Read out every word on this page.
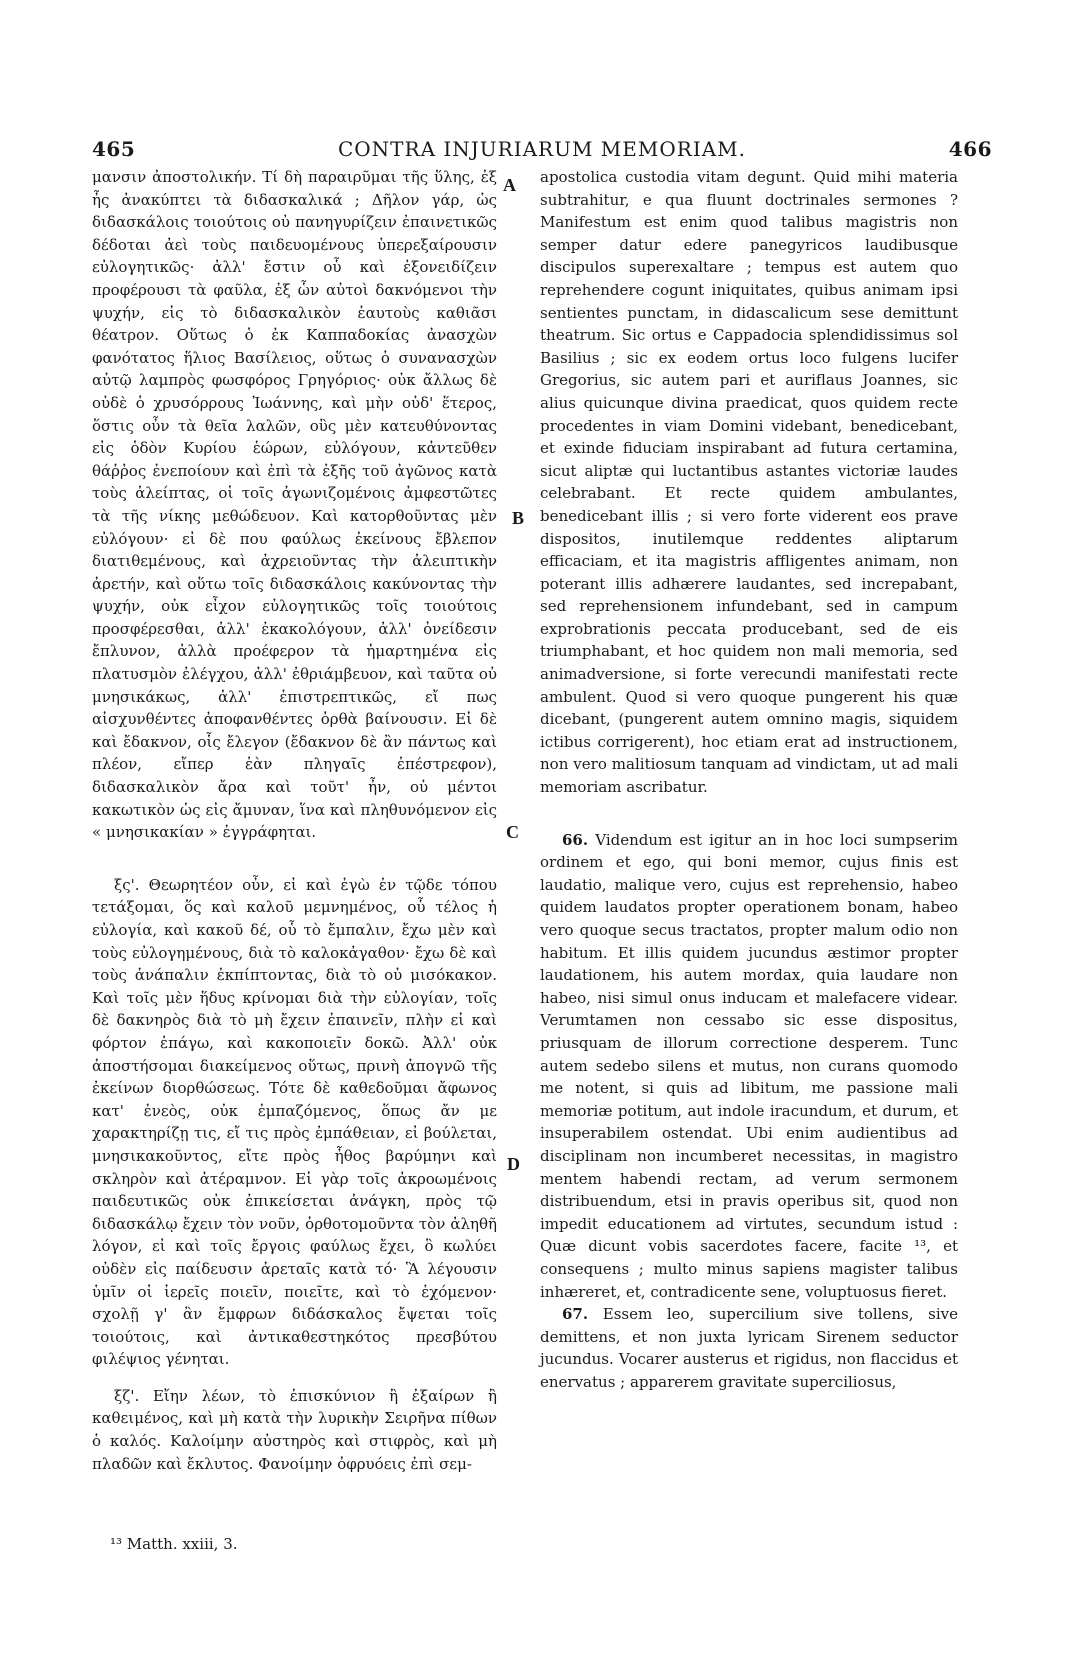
465	CONTRA INJURIARUM MEMORIAM.	466
A
B
C
D

μανσιν ἀποστολικήν. Τί δὴ παραιρῦμαι τῆς ὕλης, ἐξ ἧς ἀνακύπτει τὰ διδασκαλικά ; Δῆλον γάρ, ὡς διδασκάλοις τοιούτοις οὐ πανηγυρίζειν ἐπαινετικῶς δέδοται ἀεὶ τοὺς παιδευομένους ὑπερεξαίρουσιν εὐλογητικῶς· ἀλλ' ἔστιν οὗ καὶ ἐξονειδίζειν προφέρουσι τὰ φαῦλα, ἐξ ὧν αὐτοὶ δακνόμενοι τὴν ψυχήν, εἰς τὸ διδασκαλικὸν ἑαυτοὺς καθιᾶσι θέατρον. Οὕτως ὁ ἐκ Καππαδοκίας ἀνασχὼν φανότατος ἥλιος Βασίλειος, οὕτως ὁ συνανασχὼν αὐτῷ λαμπρὸς φωσφόρος Γρηγόριος· οὐκ ἄλλως δὲ οὐδὲ ὁ χρυσόρρους Ἰωάννης, καὶ μὴν οὐδ' ἕτερος, ὅστις οὖν τὰ θεῖα λαλῶν, οὓς μὲν κατευθύνοντας εἰς ὁδὸν Κυρίου ἑώρων, εὐλόγουν, κἀντεῦθεν θάῤῥος ἐνεποίουν καὶ ἐπὶ τὰ ἑξῆς τοῦ ἀγῶνος κατὰ τοὺς ἀλείπτας, οἱ τοῖς ἀγωνιζομένοις ἀμφεστῶτες τὰ τῆς νίκης μεθώδευον. Καὶ κατορθοῦντας μὲν εὐλόγουν· εἰ δὲ που φαύλως ἐκείνους ἔβλεπον διατιθεμένους, καὶ ἀχρειοῦντας τὴν ἀλειπτικὴν ἀρετήν, καὶ οὕτω τοῖς διδασκάλοις κακύνοντας τὴν ψυχήν, οὐκ εἶχον εὐλογητικῶς τοῖς τοιούτοις προσφέρεσθαι, ἀλλ' ἐκακολόγουν, ἀλλ' ὀνείδεσιν ἔπλυνον, ἀλλὰ προέφερον τὰ ἡμαρτημένα εἰς πλατυσμὸν ἐλέγχου, ἀλλ' ἐθριάμβευον, καὶ ταῦτα οὐ μνησικάκως, ἀλλ' ἐπιστρεπτικῶς, εἴ πως αἰσχυνθέντες ἀποφανθέντες ὀρθὰ βαίνουσιν. Εἰ δὲ καὶ ἔδακνον, οἷς ἔλεγον (ἔδακνον δὲ ἂν πάντως καὶ πλέον, εἴπερ ἐὰν πληγαῖς ἐπέστρεφον), διδασκαλικὸν ἄρα καὶ τοῦτ' ἦν, οὐ μέντοι κακωτικὸν ὡς εἰς ἄμυναν, ἵνα καὶ πληθυνόμενον εἰς « μνησικακίαν » ἐγγράφηται.

ξς'. Θεωρητέον οὖν, εἰ καὶ ἐγὼ ἐν τῷδε τόπου τετάξομαι, ὅς καὶ καλοῦ μεμνημένος, οὗ τέλος ἡ εὐλογία, καὶ κακοῦ δέ, οὗ τὸ ἔμπαλιν, ἔχω μὲν καὶ τοὺς εὐλογημένους, διὰ τὸ καλοκἀγαθον· ἔχω δὲ καὶ τοὺς ἀνάπαλιν ἐκπίπτοντας, διὰ τὸ οὐ μισόκακον. Καὶ τοῖς μὲν ἥδυς κρίνομαι διὰ τὴν εὐλογίαν, τοῖς δὲ δακνηρὸς διὰ τὸ μὴ ἔχειν ἐπαινεῖν, πλὴν εἰ καὶ φόρτον ἐπάγω, καὶ κακοποιεῖν δοκῶ. Ἀλλ' οὐκ ἀποστήσομαι διακείμενος οὕτως, πρινὴ ἀπογνῶ τῆς ἐκείνων διορθώσεως. Τότε δὲ καθεδοῦμαι ἄφωνος κατ' ἐνεὸς, οὐκ ἐμπαζόμενος, ὅπως ἄν με χαρακτηρίζῃ τις, εἴ τις πρὸς ἐμπάθειαν, εἰ βούλεται, μνησικακοῦντος, εἴτε πρὸς ἦθος βαρύμηνι καὶ σκληρὸν καὶ ἀτέραμνον. Εἰ γὰρ τοῖς ἀκροωμένοις παιδευτικῶς οὐκ ἐπικείσεται ἀνάγκη, πρὸς τῷ διδασκάλῳ ἔχειν τὸν νοῦν, ὀρθοτομοῦντα τὸν ἀληθῆ λόγον, εἰ καὶ τοῖς ἔργοις φαύλως ἔχει, ὃ κωλύει οὐδὲν εἰς παίδευσιν ἀρεταῖς κατὰ τό· Ἃ λέγουσιν ὑμῖν οἱ ἱερεῖς ποιεῖν, ποιεῖτε, καὶ τὸ ἐχόμενον· σχολῇ γ' ἂν ἔμφρων διδάσκαλος ἔψεται τοῖς τοιούτοις, καὶ ἀντικαθεστηκότος πρεσβύτου φιλέψιος γένηται.

ξζ'. Εἴην λέων, τὸ ἐπισκύνιον ἢ ἐξαίρων ἢ καθειμένος, καὶ μὴ κατὰ τὴν λυρικὴν Σειρῆνα πίθων ὁ καλός. Καλοίμην αὐστηρὸς καὶ στιφρὸς, καὶ μὴ πλαδῶν καὶ ἔκλυτος. Φανοίμην ὀφρυόεις ἐπὶ σεμ-

apostolica custodia vitam degunt. Quid mihi materia subtrahitur, e qua fluunt doctrinales sermones ? Manifestum est enim quod talibus magistris non semper datur edere panegyricos laudibusque discipulos superexaltare ; tempus est autem quo reprehendere cogunt iniquitates, quibus animam ipsi sentientes punctam, in didascalicum sese demittunt theatrum. Sic ortus e Cappadocia splendidissimus sol Basilius ; sic ex eodem ortus loco fulgens lucifer Gregorius, sic autem pari et auriflaus Joannes, sic alius quicunque divina praedicat, quos quidem recte procedentes in viam Domini videbant, benedicebant, et exinde fiduciam inspirabant ad futura certamina, sicut aliptæ qui luctantibus astantes victoriæ laudes celebrabant. Et recte quidem ambulantes, benedicebant illis ; si vero forte viderent eos prave dispositos, inutilemque reddentes aliptarum efficaciam, et ita magistris affligentes animam, non poterant illis adhærere laudantes, sed increpabant, sed reprehensionem infundebant, sed in campum exprobrationis peccata producebant, sed de eis triumphabant, et hoc quidem non mali memoria, sed animadversione, si forte verecundi manifestati recte ambulent. Quod si vero quoque pungerent his quæ dicebant, (pungerent autem omnino magis, siquidem ictibus corrigerent), hoc etiam erat ad instructionem, non vero malitiosum tanquam ad vindictam, ut ad mali memoriam ascribatur.

66. Videndum est igitur an in hoc loci sumpserim ordinem et ego, qui boni memor, cujus finis est laudatio, malique vero, cujus est reprehensio, habeo quidem laudatos propter operationem bonam, habeo vero quoque secus tractatos, propter malum odio non habitum. Et illis quidem jucundus æstimor propter laudationem, his autem mordax, quia laudare non habeo, nisi simul onus inducam et malefacere videar. Verumtamen non cessabo sic esse dispositus, priusquam de illorum correctione desperem. Tunc autem sedebo silens et mutus, non curans quomodo me notent, si quis ad libitum, me passione mali memoriæ potitum, aut indole iracundum, et durum, et insuperabilem ostendat. Ubi enim audientibus ad disciplinam non incumberet necessitas, in magistro mentem habendi rectam, ad verum sermonem distribuendum, etsi in pravis operibus sit, quod non impedit educationem ad virtutes, secundum istud : Quæ dicunt vobis sacerdotes facere, facite ¹³, et consequens ; multo minus sapiens magister talibus inhæreret, et, contradicente sene, voluptuosus fieret.

67. Essem leo, supercilium sive tollens, sive demittens, et non juxta lyricam Sirenem seductor jucundus. Vocarer austerus et rigidus, non flaccidus et enervatus ; apparerem gravitate superciliosus,

¹³ Matth. xxiii, 3.
